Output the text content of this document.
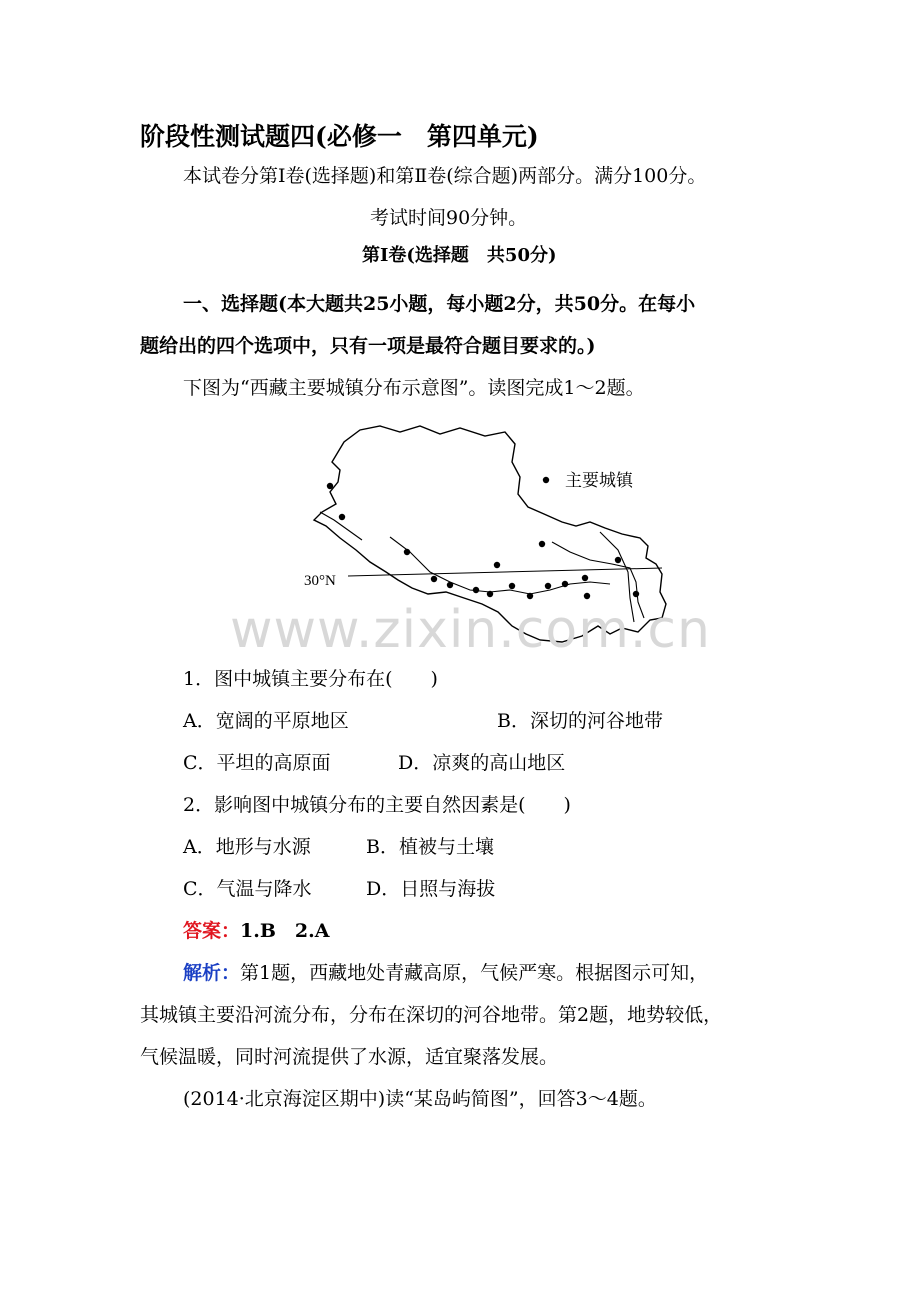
阶段性测试题四(必修一　第四单元)
本试卷分第Ⅰ卷(选择题)和第Ⅱ卷(综合题)两部分。满分100分。
考试时间90分钟。
第Ⅰ卷(选择题　共50分)
一、选择题(本大题共25小题，每小题2分，共50分。在每小
题给出的四个选项中，只有一项是最符合题目要求的。)
下图为“西藏主要城镇分布示意图”。读图完成1～2题。
30°N
主要城镇
www.zixin.com.cn
1．图中城镇主要分布在(　　)
A．宽阔的平原地区	B．深切的河谷地带
C．平坦的高原面	D．凉爽的高山地区
2．影响图中城镇分布的主要自然因素是(　　)
A．地形与水源	B．植被与土壤
C．气温与降水	D．日照与海拔
答案：1.B　2.A
解析：第1题，西藏地处青藏高原，气候严寒。根据图示可知，
其城镇主要沿河流分布，分布在深切的河谷地带。第2题，地势较低，
气候温暖，同时河流提供了水源，适宜聚落发展。
(2014·北京海淀区期中)读“某岛屿简图”，回答3～4题。
